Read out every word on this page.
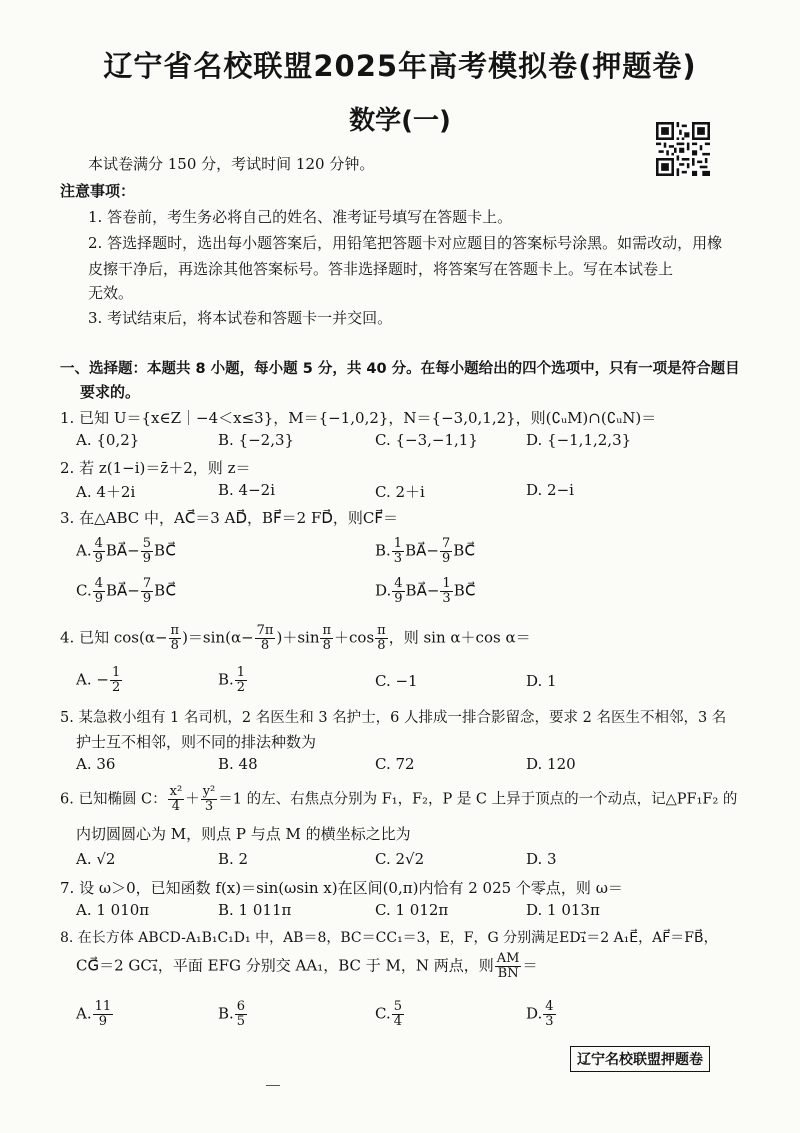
辽宁省名校联盟2025年高考模拟卷(押题卷)
数学(一)
本试卷满分 150 分，考试时间 120 分钟。
注意事项：
1. 答卷前，考生务必将自己的姓名、准考证号填写在答题卡上。
2. 答选择题时，选出每小题答案后，用铅笔把答题卡对应题目的答案标号涂黑。如需改动，用橡
皮擦干净后，再选涂其他答案标号。答非选择题时，将答案写在答题卡上。写在本试卷上
无效。
3. 考试结束后，将本试卷和答题卡一并交回。
一、选择题：本题共 8 小题，每小题 5 分，共 40 分。在每小题给出的四个选项中，只有一项是符合题目
要求的。
1. 已知 U＝{x∈Z｜−4＜x≤3}，M＝{−1,0,2}，N＝{−3,0,1,2}，则(∁ᵤM)∩(∁ᵤN)＝
A. {0,2}	B. {−2,3}	C. {−3,−1,1}	D. {−1,1,2,3}
2. 若 z(1−i)＝z̄＋2，则 z＝
A. 4＋2i	B. 4−2i	C. 2＋i	D. 2−i
3. 在△ABC 中，AC⃗＝3 AD⃗，BF⃗＝2 FD⃗，则CF⃗＝
A. $\frac{4}{9}$ BA⃗− $\frac{5}{9}$ BC⃗	B. $\frac{1}{3}$ BA⃗− $\frac{7}{9}$ BC⃗
C. $\frac{4}{9}$ BA⃗− $\frac{7}{9}$ BC⃗	D. $\frac{4}{9}$ BA⃗− $\frac{1}{3}$ BC⃗
4. 已知 $\cos(\alpha- \frac{\pi}{8} )=\sin(\alpha- \frac{7\pi}{8} )+\sin \frac{\pi}{8} +\cos \frac{\pi}{8}$ ，则 sin α＋cos α＝
A. − $\frac{1}{2}$	B. $\frac{1}{2}$	C. −1	D. 1
5. 某急救小组有 1 名司机，2 名医生和 3 名护士，6 人排成一排合影留念，要求 2 名医生不相邻，3 名
护士互不相邻，则不同的排法种数为
A. 36	B. 48	C. 72	D. 120
6. 已知椭圆 C： $\frac{\text{x²}}{4} + \frac{\text{y²}}{3} =1$ 的左、右焦点分别为 F₁，F₂，P 是 C 上异于顶点的一个动点，记△PF₁F₂ 的
内切圆圆心为 M，则点 P 与点 M 的横坐标之比为
A. √2	B. 2	C. 2√2	D. 3
7. 设 ω＞0，已知函数 f(x)＝sin(ωsin x)在区间(0,π)内恰有 2 025 个零点，则 ω＝
A. 1 010π	B. 1 011π	C. 1 012π	D. 1 013π
8. 在长方体 ABCD-A₁B₁C₁D₁ 中，AB＝8，BC＝CC₁＝3，E，F，G 分别满足ED₁⃗＝2 A₁E⃗，AF⃗＝FB⃗，
CG⃗＝2 GC₁⃗，平面 EFG 分别交 AA₁，BC 于 M，N 两点，则 $\frac{AM}{BN}$ ＝
A. $\frac{11}{9}$	B. $\frac{6}{5}$	C. $\frac{5}{4}$	D. $\frac{4}{3}$
辽宁名校联盟押题卷
